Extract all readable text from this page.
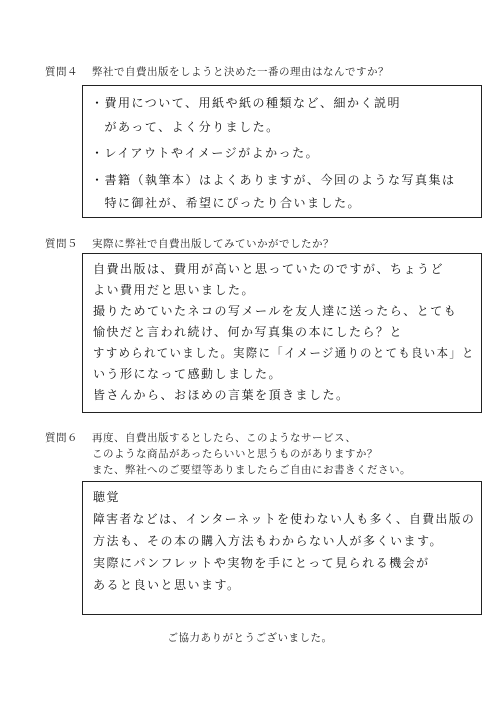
質問４ 弊社で自費出版をしようと決めた一番の理由はなんですか？
・費用について、用紙や紙の種類など、細かく説明
　があって、よく分りました。
・レイアウトやイメージがよかった。
・書籍（執筆本）はよくありますが、今回のような写真集は
　特に御社が、希望にぴったり合いました。
質問５ 実際に弊社で自費出版してみていかがでしたか？
自費出版は、費用が高いと思っていたのですが、ちょうど
よい費用だと思いました。
撮りためていたネコの写メールを友人達に送ったら、とても
愉快だと言われ続け、何か写真集の本にしたら？と
すすめられていました。実際に「イメージ通りのとても良い本」と
いう形になって感動しました。
皆さんから、おほめの言葉を頂きました。
質問６ 再度、自費出版するとしたら、このようなサービス、
このような商品があったらいいと思うものがありますか？
また、弊社へのご要望等ありましたらご自由にお書きください。
聴覚
障害者などは、インターネットを使わない人も多く、自費出版の
方法も、その本の購入方法もわからない人が多くいます。
実際にパンフレットや実物を手にとって見られる機会が
あると良いと思います。
ご協力ありがとうございました。
